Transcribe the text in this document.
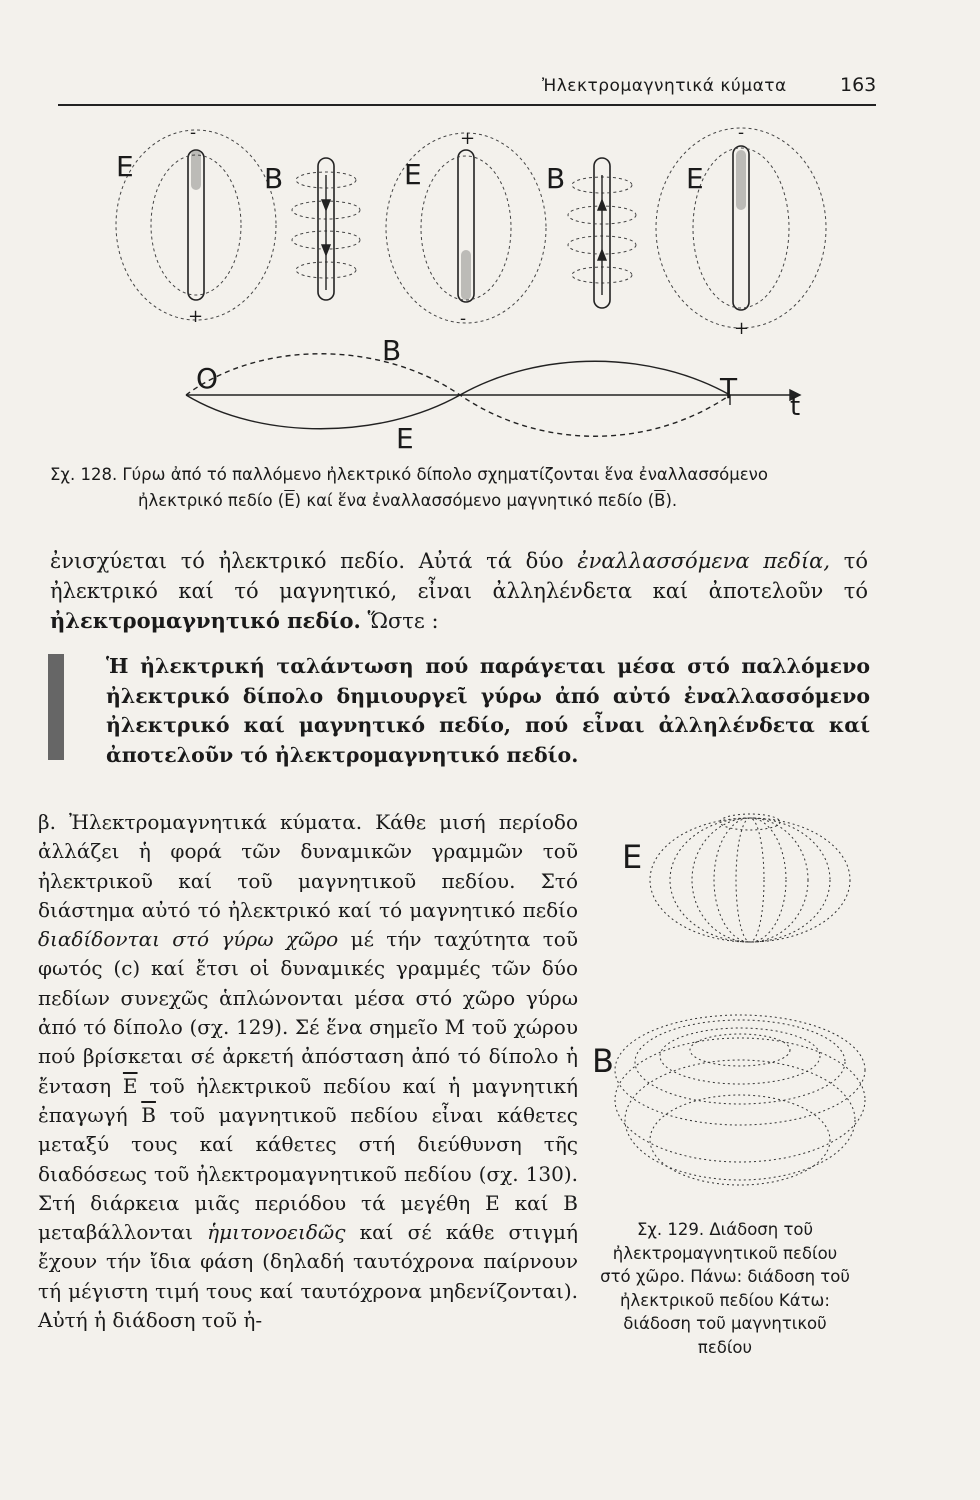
Ἠλεκτρομαγνητικά κύματα	163
E	B	E	B	E
-
+
+
-
-
+
O
B
T
t
E
Σχ. 128. Γύρω ἀπό τό παλλόμενο ἠλεκτρικό δίπολο σχηματίζονται ἕνα ἐναλλασσόμενο
ἠλεκτρικό πεδίο $(\overline{E})$ καί ἕνα ἐναλλασσόμενο μαγνητικό πεδίο $(\overline{B})$.
ἐνισχύεται τό ἠλεκτρικό πεδίο. Αὐτά τά δύο ἐναλλασσόμενα πεδία, τό ἠλεκτρικό καί τό μαγνητικό, εἶναι ἀλληλένδετα καί ἀποτελοῦν τό ἠλεκτρομαγνητικό πεδίο. Ὥστε :
Ἡ ἠλεκτρική ταλάντωση πού παράγεται μέσα στό παλλόμενο ἠλεκτρικό δίπολο δημιουργεῖ γύρω ἀπό αὐτό ἐναλλασσόμενο ἠλεκτρικό καί μαγνητικό πεδίο, πού εἶναι ἀλληλένδετα καί ἀποτελοῦν τό ἠλεκτρομαγνητικό πεδίο.
β. Ἠλεκτρομαγνητικά κύματα. Κάθε μισή περίοδο ἀλλάζει ἡ φορά τῶν δυναμικῶν γραμμῶν τοῦ ἠλεκτρικοῦ καί τοῦ μαγνητικοῦ πεδίου. Στό διάστημα αὐτό τό ἠλεκτρικό καί τό μαγνητικό πεδίο διαδίδονται στό γύρω χῶρο μέ τήν ταχύτητα τοῦ φωτός (c) καί ἔτσι οἱ δυναμικές γραμμές τῶν δύο πεδίων συνεχῶς ἁπλώνονται μέσα στό χῶρο γύρω ἀπό τό δίπολο (σχ. 129). Σέ ἕνα σημεῖο Μ τοῦ χώρου πού βρίσκεται σέ ἀρκετή ἀπόσταση ἀπό τό δίπολο ἡ ἔνταση $\overline{E}$ τοῦ ἠλεκτρικοῦ πεδίου καί ἡ μαγνητική ἐπαγωγή $\overline{B}$ τοῦ μαγνητικοῦ πεδίου εἶναι κάθετες μεταξύ τους καί κάθετες στή διεύθυνση τῆς διαδόσεως τοῦ ἠλεκτρομαγνητικοῦ πεδίου (σχ. 130). Στή διάρκεια μιᾶς περιόδου τά μεγέθη Ε καί Β μεταβάλλονται ἡμιτονοειδῶς καί σέ κάθε στιγμή ἔχουν τήν ἴδια φάση (δηλαδή ταυτόχρονα παίρνουν τή μέγιστη τιμή τους καί ταυτόχρονα μηδενίζονται). Αὐτή ἡ διάδοση τοῦ ἠ-
E
B
Σχ. 129. Διάδοση τοῦ ἠλεκτρομαγνητικοῦ πεδίου στό χῶρο. Πάνω: διάδοση τοῦ ἠλεκτρικοῦ πεδίου Κάτω: διάδοση τοῦ μαγνητικοῦ πεδίου
